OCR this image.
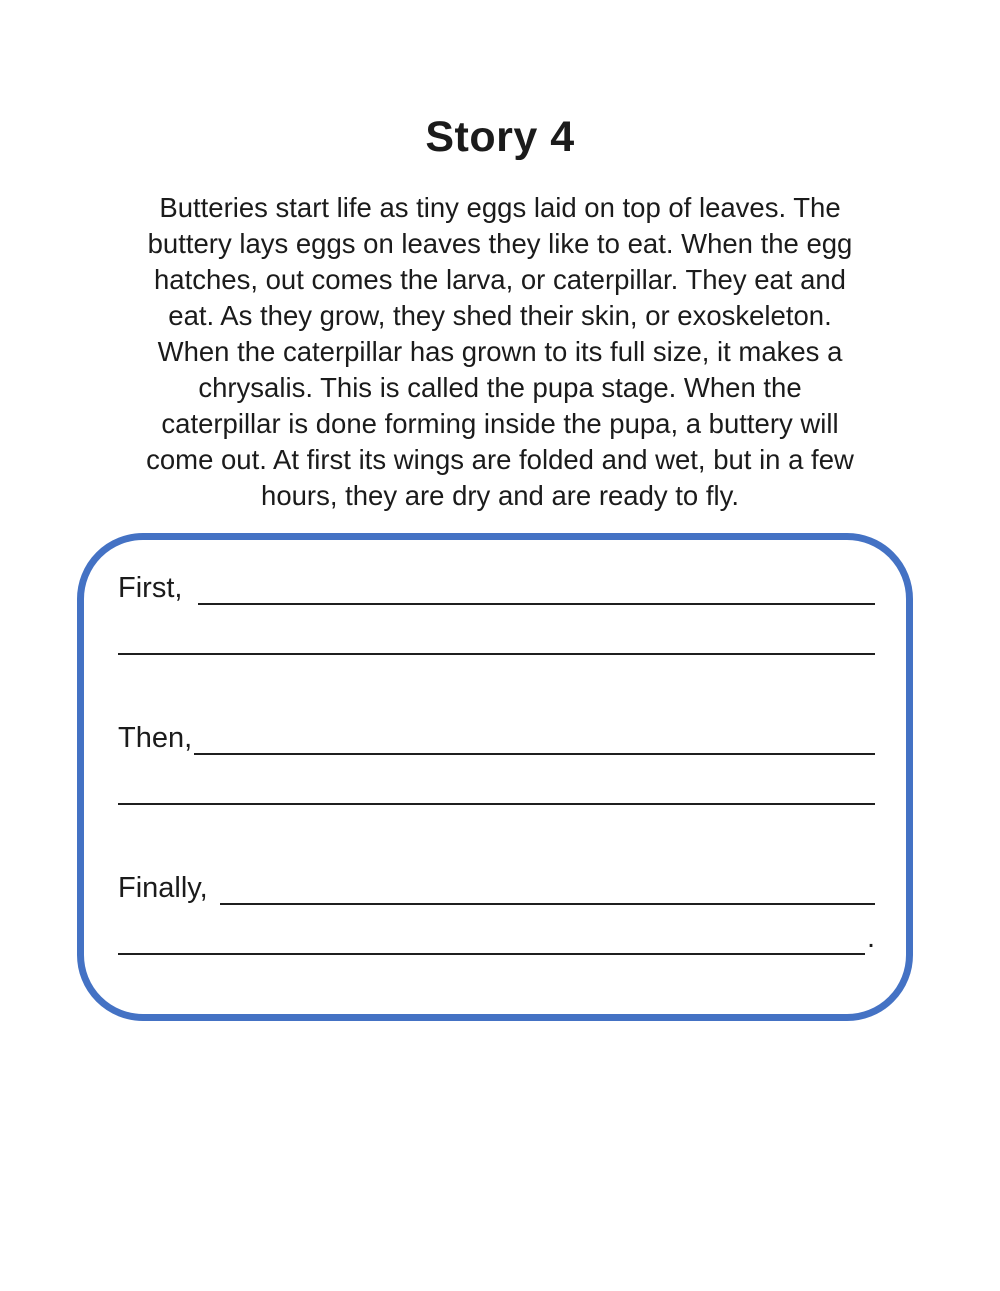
Story 4
Butteries start life as tiny eggs laid on top of leaves. The
buttery lays eggs on leaves they like to eat. When the egg
hatches, out comes the larva, or caterpillar. They eat and
eat. As they grow, they shed their skin, or exoskeleton.
When the caterpillar has grown to its full size, it makes a
chrysalis. This is called the pupa stage. When the
caterpillar is done forming inside the pupa, a buttery will
come out. At first its wings are folded and wet, but in a few
hours, they are dry and are ready to fly.
First,
Then,
Finally,
.
